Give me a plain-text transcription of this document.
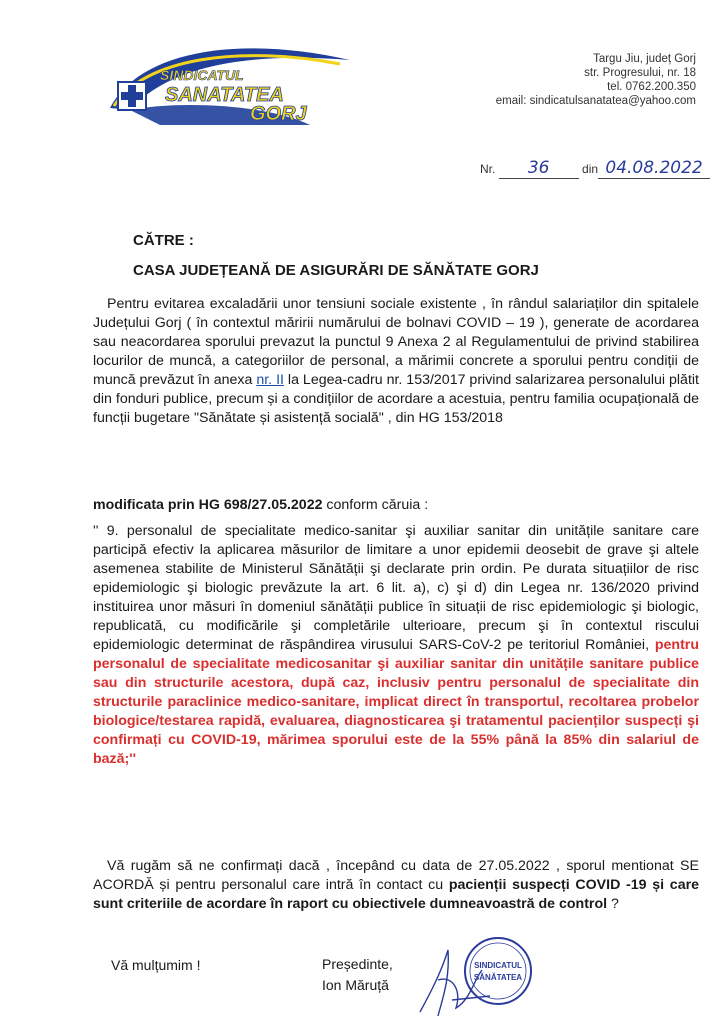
SINDICATUL
SANATATEA
GORJ
Targu Jiu, județ Gorj
str. Progresului, nr. 18
tel. 0762.200.350
email: sindicatulsanatatea@yahoo.com
Nr. 36	din 04.08.2022
CĂTRE :
CASA JUDEȚEANĂ DE ASIGURĂRI DE SĂNĂTATE GORJ

Pentru evitarea excaladării unor tensiuni sociale existente , în rândul salariaților din spitalele Județului Gorj ( în contextul măririi numărului de bolnavi COVID – 19 ), generate de acordarea sau neacordarea sporului prevazut la punctul 9 Anexa 2 al Regulamentului de privind stabilirea locurilor de muncă, a categoriilor de personal, a mărimii concrete a sporului pentru condiții de muncă prevăzut în anexa nr. II la Legea-cadru nr. 153/2017 privind salarizarea personalului plătit din fonduri publice, precum și a condițiilor de acordare a acestuia, pentru familia ocupațională de funcții bugetare "Sănătate și asistență socială" , din HG 153/2018

modificata prin HG 698/27.05.2022 conform căruia :

'' 9. personalul de specialitate medico-sanitar şi auxiliar sanitar din unitățile sanitare care participă efectiv la aplicarea măsurilor de limitare a unor epidemii deosebit de grave şi altele asemenea stabilite de Ministerul Sănătății şi declarate prin ordin. Pe durata situațiilor de risc epidemiologic şi biologic prevăzute la art. 6 lit. a), c) şi d) din Legea nr. 136/2020 privind instituirea unor măsuri în domeniul sănătății publice în situații de risc epidemiologic şi biologic, republicată, cu modificările şi completările ulterioare, precum şi în contextul riscului epidemiologic determinat de răspândirea virusului SARS-CoV-2 pe teritoriul României, pentru personalul de specialitate medicosanitar şi auxiliar sanitar din unitățile sanitare publice sau din structurile acestora, după caz, inclusiv pentru personalul de specialitate din structurile paraclinice medico-sanitare, implicat direct în transportul, recoltarea probelor biologice/testarea rapidă, evaluarea, diagnosticarea şi tratamentul pacienților suspecți şi confirmați cu COVID-19, mărimea sporului este de la 55% până la 85% din salariul de bază;''

Vă rugăm să ne confirmați dacă , începând cu data de 27.05.2022 , sporul mentionat SE ACORDĂ și pentru personalul care intră în contact cu pacienții suspecți COVID -19 și care sunt criteriile de acordare în raport cu obiectivele dumneavoastră de control ?

Vă mulțumim !	Președinte,
Ion Măruță
SINDICATUL
SĂNĂTATEA
